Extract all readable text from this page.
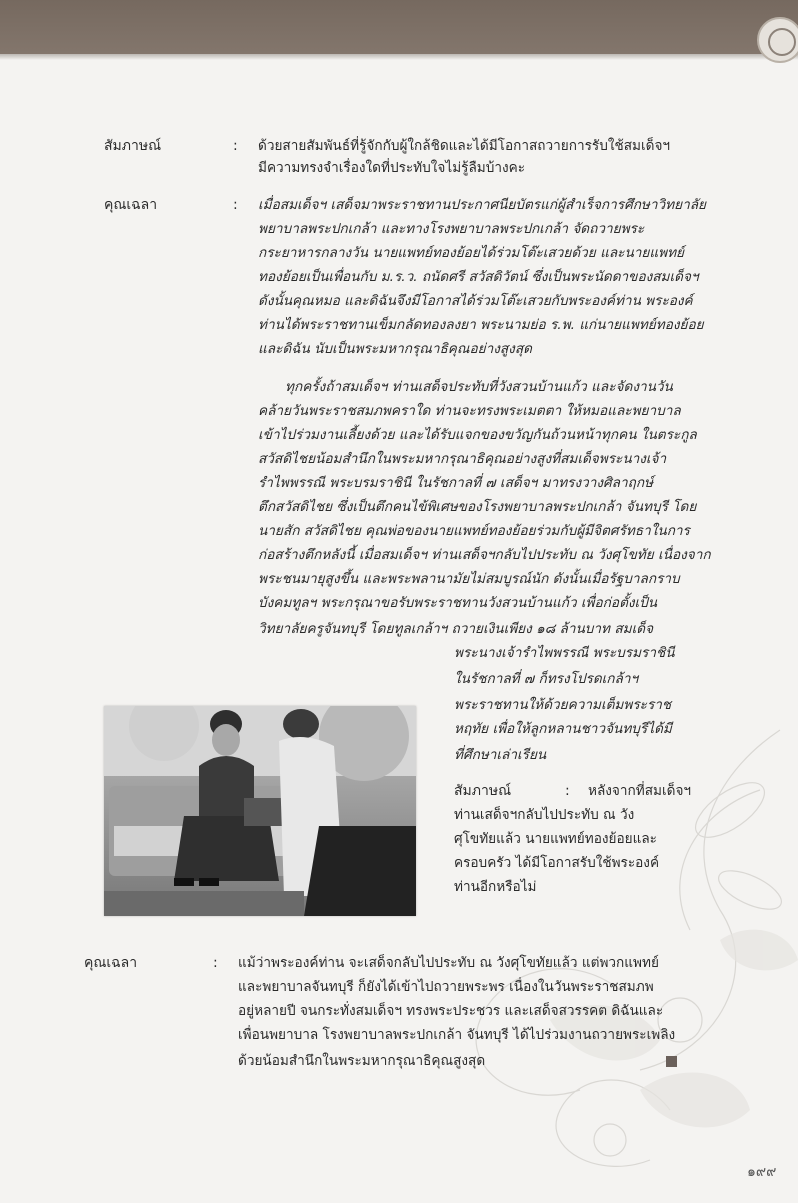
สัมภาษณ์	: ด้วยสายสัมพันธ์ที่รู้จักกับผู้ใกล้ชิดและได้มีโอกาสถวายการรับใช้สมเด็จฯ
มีความทรงจำเรื่องใดที่ประทับใจไม่รู้ลืมบ้างคะ
คุณเฉลา	: เมื่อสมเด็จฯ เสด็จมาพระราชทานประกาศนียบัตรแก่ผู้สำเร็จการศึกษาวิทยาลัย
พยาบาลพระปกเกล้า และทางโรงพยาบาลพระปกเกล้า จัดถวายพระ
กระยาหารกลางวัน นายแพทย์ทองย้อยได้ร่วมโต๊ะเสวยด้วย และนายแพทย์
ทองย้อยเป็นเพื่อนกับ ม.ร.ว. ถนัดศรี สวัสดิวัตน์ ซึ่งเป็นพระนัดดาของสมเด็จฯ
ดังนั้นคุณหมอ และดิฉันจึงมีโอกาสได้ร่วมโต๊ะเสวยกับพระองค์ท่าน พระองค์
ท่านได้พระราชทานเข็มกลัดทองลงยา พระนามย่อ ร.พ. แก่นายแพทย์ทองย้อย
และดิฉัน นับเป็นพระมหากรุณาธิคุณอย่างสูงสุด
ทุกครั้งถ้าสมเด็จฯ ท่านเสด็จประทับที่วังสวนบ้านแก้ว และจัดงานวัน
คล้ายวันพระราชสมภพคราใด ท่านจะทรงพระเมตตา ให้หมอและพยาบาล
เข้าไปร่วมงานเลี้ยงด้วย และได้รับแจกของขวัญกันถ้วนหน้าทุกคน ในตระกูล
สวัสดิไชยน้อมสำนึกในพระมหากรุณาธิคุณอย่างสูงที่สมเด็จพระนางเจ้า
รำไพพรรณี พระบรมราชินี ในรัชกาลที่ ๗ เสด็จฯ มาทรงวางศิลาฤกษ์
ตึกสวัสดิไชย ซึ่งเป็นตึกคนไข้พิเศษของโรงพยาบาลพระปกเกล้า จันทบุรี โดย
นายสัก สวัสดิไชย คุณพ่อของนายแพทย์ทองย้อยร่วมกับผู้มีจิตศรัทธาในการ
ก่อสร้างตึกหลังนี้ เมื่อสมเด็จฯ ท่านเสด็จฯกลับไปประทับ ณ วังศุโขทัย เนื่องจาก
พระชนมายุสูงขึ้น และพระพลานามัยไม่สมบูรณ์นัก ดังนั้นเมื่อรัฐบาลกราบ
บังคมทูลฯ พระกรุณาขอรับพระราชทานวังสวนบ้านแก้ว เพื่อก่อตั้งเป็น
วิทยาลัยครูจันทบุรี โดยทูลเกล้าฯ ถวายเงินเพียง ๑๘ ล้านบาท สมเด็จ
พระนางเจ้ารำไพพรรณี พระบรมราชินี
ในรัชกาลที่ ๗ ก็ทรงโปรดเกล้าฯ
พระราชทานให้ด้วยความเต็มพระราช
หฤทัย เพื่อให้ลูกหลานชาวจันทบุรีได้มี
ที่ศึกษาเล่าเรียน
สัมภาษณ์	: หลังจากที่สมเด็จฯ
ท่านเสด็จฯกลับไปประทับ ณ วัง
ศุโขทัยแล้ว นายแพทย์ทองย้อยและ
ครอบครัว ได้มีโอกาสรับใช้พระองค์
ท่านอีกหรือไม่
คุณเฉลา	: แม้ว่าพระองค์ท่าน จะเสด็จกลับไปประทับ ณ วังศุโขทัยแล้ว แต่พวกแพทย์
และพยาบาลจันทบุรี ก็ยังได้เข้าไปถวายพระพร เนื่องในวันพระราชสมภพ
อยู่หลายปี จนกระทั่งสมเด็จฯ ทรงพระประชวร และเสด็จสวรรคต ดิฉันและ
เพื่อนพยาบาล โรงพยาบาลพระปกเกล้า จันทบุรี ได้ไปร่วมงานถวายพระเพลิง
ด้วยน้อมสำนึกในพระมหากรุณาธิคุณสูงสุด
๑๙๙
